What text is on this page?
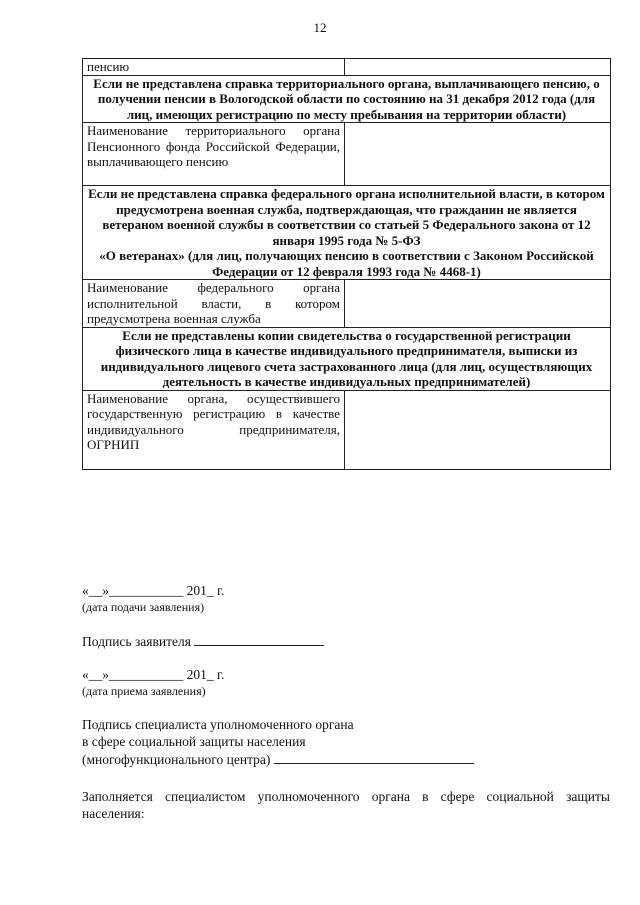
12
пенсию	
Если не представлена справка территориального органа, выплачивающего пенсию, о получении пенсии в Вологодской области по состоянию на 31 декабря 2012 года (для лиц, имеющих регистрацию по месту пребывания на территории области)	
Наименование территориального органа Пенсионного фонда Российской Федерации, выплачивающего пенсию	
Если не представлена справка федерального органа исполнительной власти, в котором предусмотрена военная служба, подтверждающая, что гражданин не является ветераном военной службы в соответствии со статьей 5 Федерального закона от 12 января 1995 года № 5-ФЗ
«О ветеранах» (для лиц, получающих пенсию в соответствии с Законом Российской Федерации от 12 февраля 1993 года № 4468-1)	
Наименование федерального органа исполнительной власти, в котором предусмотрена военная служба	
Если не представлены копии свидетельства о государственной регистрации физического лица в качестве индивидуального предпринимателя, выписки из индивидуального лицевого счета застрахованного лица (для лиц, осуществляющих деятельность в качестве индивидуальных предпринимателей)	
Наименование органа, осуществившего государственную регистрацию в качестве индивидуального предпринимателя, ОГРНИП	
«__»___________ 201_ г.
(дата подачи заявления)
Подпись заявителя
«__»___________ 201_ г.
(дата приема заявления)
Подпись специалиста уполномоченного органа
в сфере социальной защиты населения
(многофункционального центра)
Заполняется специалистом уполномоченного органа в сфере социальной защиты населения:
